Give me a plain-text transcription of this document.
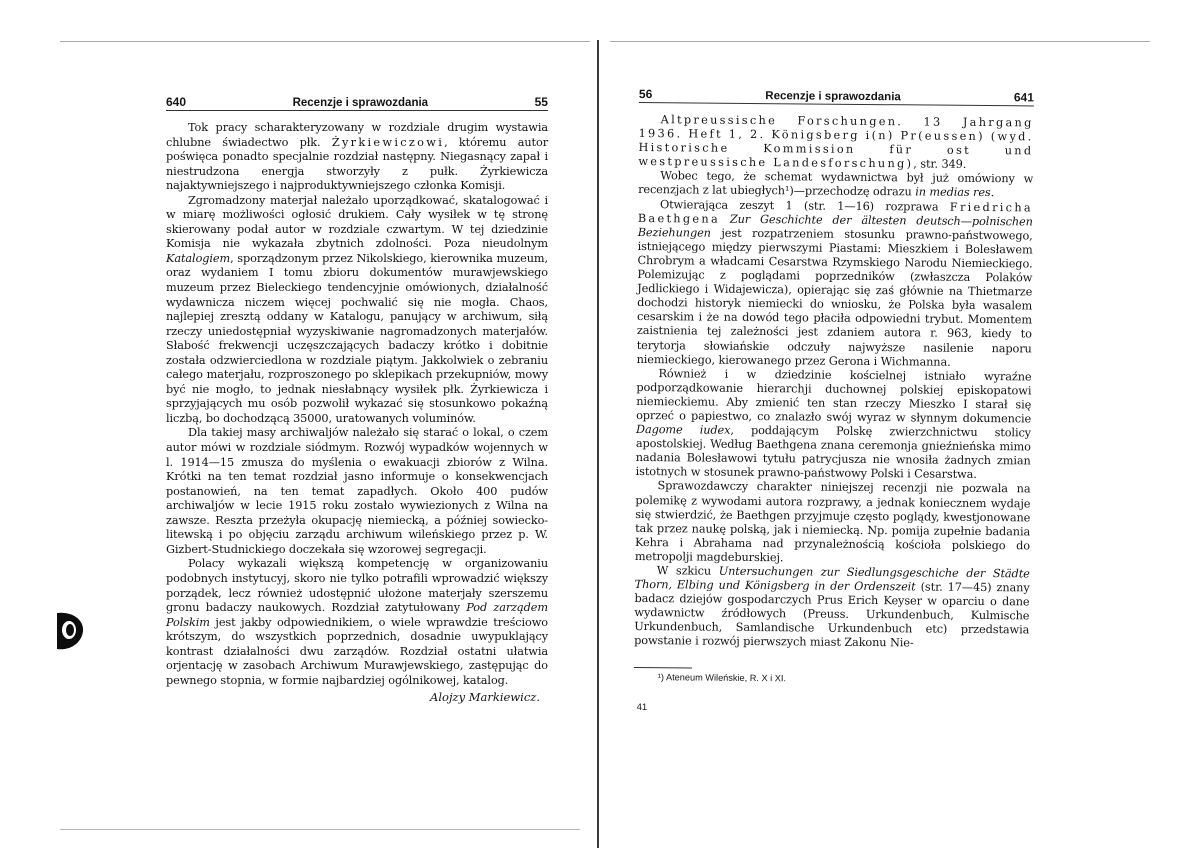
640	Recenzje i sprawozdania	55

Tok pracy scharakteryzowany w rozdziale drugim wystawia chlubne świadectwo płk. Żyrkiewiczowi, któremu autor poświęca ponadto specjalnie rozdział następny. Niegasnący zapał i niestrudzona energja stworzyły z pułk. Żyrkiewicza najaktywniejszego i najproduktywniejszego członka Komisji.

Zgromadzony materjał należało uporządkować, skatalogować i w miarę możliwości ogłosić drukiem. Cały wysiłek w tę stronę skierowany podał autor w rozdziale czwartym. W tej dziedzinie Komisja nie wykazała zbytnich zdolności. Poza nieudolnym Katalogiem, sporządzonym przez Nikolskiego, kierownika muzeum, oraz wydaniem I tomu zbioru dokumentów murawjewskiego muzeum przez Bieleckiego tendencyjnie omówionych, działalność wydawnicza niczem więcej pochwalić się nie mogła. Chaos, najlepiej zresztą oddany w Katalogu, panujący w archiwum, siłą rzeczy uniedostępniał wyzyskiwanie nagromadzonych materjałów. Słabość frekwencji uczęszczających badaczy krótko i dobitnie została odzwierciedlona w rozdziale piątym. Jakkolwiek o zebraniu całego materjału, rozproszonego po sklepikach przekupniów, mowy być nie mogło, to jednak niesłabnący wysiłek płk. Żyrkiewicza i sprzyjających mu osób pozwolił wykazać się stosunkowo pokaźną liczbą, bo dochodzącą 35000, uratowanych voluminów.

Dla takiej masy archiwaljów należało się starać o lokal, o czem autor mówi w rozdziale siódmym. Rozwój wypadków wojennych w l. 1914—15 zmusza do myślenia o ewakuacji zbiorów z Wilna. Krótki na ten temat rozdział jasno informuje o konsekwencjach postanowień, na ten temat zapadłych. Około 400 pudów archiwaljów w lecie 1915 roku zostało wywiezionych z Wilna na zawsze. Reszta przeżyła okupację niemiecką, a później sowiecko-litewską i po objęciu zarządu archiwum wileńskiego przez p. W. Gizbert-Studnickiego doczekała się wzorowej segregacji.

Polacy wykazali większą kompetencję w organizowaniu podobnych instytucyj, skoro nie tylko potrafili wprowadzić większy porządek, lecz również udostępnić ułożone materjały szerszemu gronu badaczy naukowych. Rozdział zatytułowany Pod zarządem Polskim jest jakby odpowiednikiem, o wiele wprawdzie treściowo krótszym, do wszystkich poprzednich, dosadnie uwypuklający kontrast działalności dwu zarządów. Rozdział ostatni ułatwia orjentację w zasobach Archiwum Murawjewskiego, zastępując do pewnego stopnia, w formie najbardziej ogólnikowej, katalog.

Alojzy Markiewicz.
56	Recenzje i sprawozdania	641

Altpreussische Forschungen. 13 Jahrgang 1936. Heft 1, 2. Königsberg i(n) Pr(eussen) (wyd. Historische Kommission für ost und westpreussische Landesforschung), str. 349.

Wobec tego, że schemat wydawnictwa był już omówiony w recenzjach z lat ubiegłych¹)—przechodzę odrazu in medias res.

Otwierająca zeszyt 1 (str. 1—16) rozprawa Friedricha Baethgena Zur Geschichte der ältesten deutsch—polnischen Beziehungen jest rozpatrzeniem stosunku prawno-państwowego, istniejącego między pierwszymi Piastami: Mieszkiem i Bolesławem Chrobrym a władcami Cesarstwa Rzymskiego Narodu Niemieckiego. Polemizując z poglądami poprzedników (zwłaszcza Polaków Jedlickiego i Widajewicza), opierając się zaś głównie na Thietmarze dochodzi historyk niemiecki do wniosku, że Polska była wasalem cesarskim i że na dowód tego płaciła odpowiedni trybut. Momentem zaistnienia tej zależności jest zdaniem autora r. 963, kiedy to terytorja słowiańskie odczuły najwyższe nasilenie naporu niemieckiego, kierowanego przez Gerona i Wichmanna.

Również i w dziedzinie kościelnej istniało wyraźne podporządkowanie hierarchji duchownej polskiej episkopatowi niemieckiemu. Aby zmienić ten stan rzeczy Mieszko I starał się oprzeć o papiestwo, co znalazło swój wyraz w słynnym dokumencie Dagome iudex, poddającym Polskę zwierzchnictwu stolicy apostolskiej. Według Baethgena znana ceremonja gnieźnieńska mimo nadania Bolesławowi tytułu patrycjusza nie wnosiła żadnych zmian istotnych w stosunek prawno-państwowy Polski i Cesarstwa.

Sprawozdawczy charakter niniejszej recenzji nie pozwala na polemikę z wywodami autora rozprawy, a jednak koniecznem wydaje się stwierdzić, że Baethgen przyjmuje często poglądy, kwestjonowane tak przez naukę polską, jak i niemiecką. Np. pomija zupełnie badania Kehra i Abrahama nad przynależnością kościoła polskiego do metropolji magdeburskiej.

W szkicu Untersuchungen zur Siedlungsgeschiche der Städte Thorn, Elbing und Königsberg in der Ordenszeit (str. 17—45) znany badacz dziejów gospodarczych Prus Erich Keyser w oparciu o dane wydawnictw źródłowych (Preuss. Urkundenbuch, Kulmische Urkundenbuch, Samlandische Urkundenbuch etc) przedstawia powstanie i rozwój pierwszych miast Zakonu Nie-

¹) Ateneum Wileńskie, R. X i XI.
41
